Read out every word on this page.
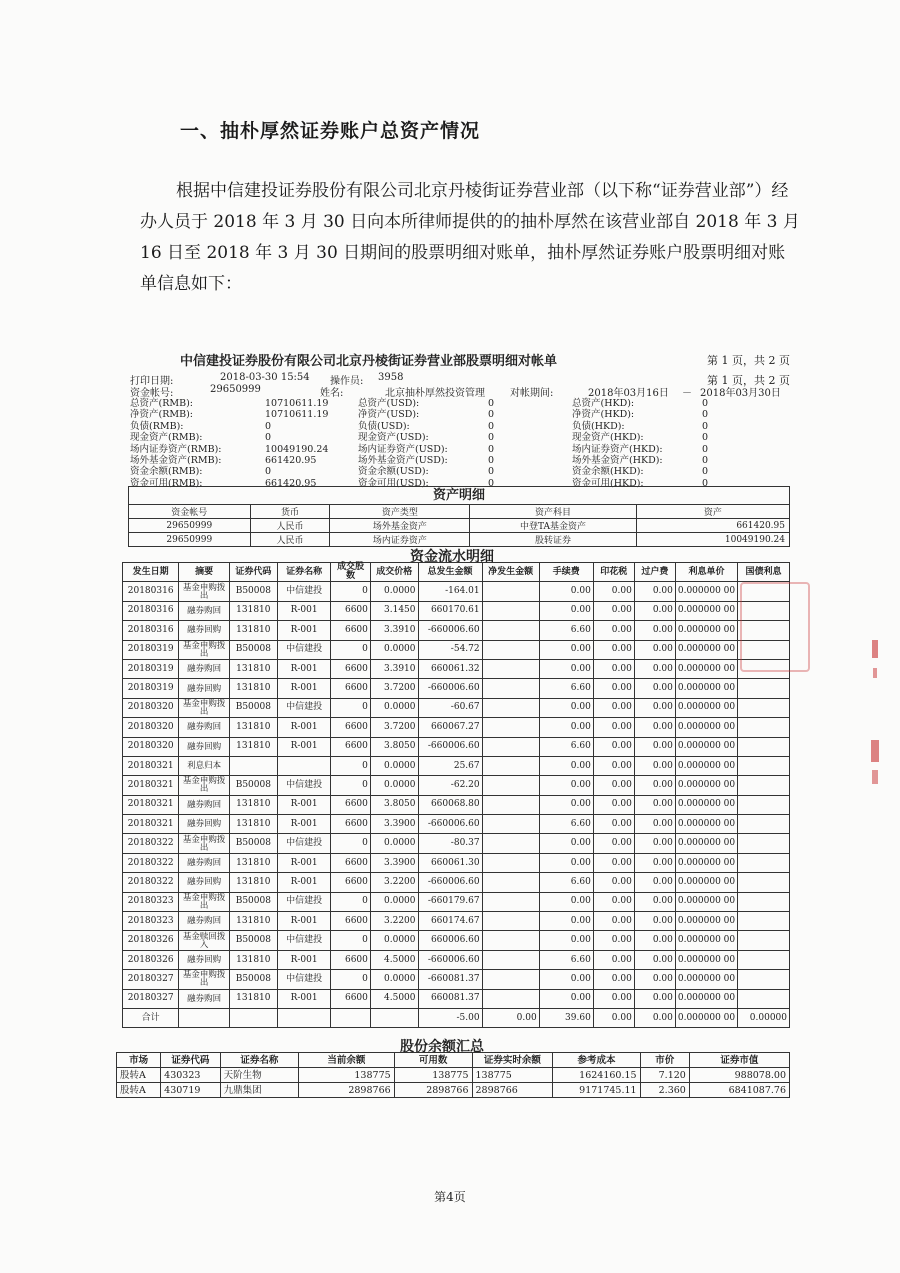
一、抽朴厚然证券账户总资产情况

根据中信建投证券股份有限公司北京丹棱街证券营业部（以下称“证券营业部”）经办人员于 2018 年 3 月 30 日向本所律师提供的的抽朴厚然在该营业部自 2018 年 3 月 16 日至 2018 年 3 月 30 日期间的股票明细对账单，抽朴厚然证券账户股票明细对账单信息如下：

中信建投证券股份有限公司北京丹棱街证券营业部股票明细对帐单	第 1 页，共 2 页
打印日期:	2018-03-30 15:54 操作员: 3958	第 1 页，共 2 页
资金帐号:	29650999	姓名:	北京抽朴厚然投资管理	对帐期间:	2018年03月16日 － 2018年03月30日
总资产(RMB):	10710611.19
净资产(RMB):	10710611.19
负债(RMB):	0
现金资产(RMB):	0
场内证券资产(RMB):	10049190.24
场外基金资产(RMB):	661420.95
资金余额(RMB):	0
资金可用(RMB):	661420.95
总资产(USD):	0
净资产(USD):	0
负债(USD):	0
现金资产(USD):	0
场内证券资产(USD):	0
场外基金资产(USD):	0
资金余额(USD):	0
资金可用(USD):	0
总资产(HKD):	0
净资产(HKD):	0
负债(HKD):	0
现金资产(HKD):	0
场内证券资产(HKD):	0
场外基金资产(HKD):	0
资金余额(HKD):	0
资金可用(HKD):	0
资产明细
资金帐号	货币	资产类型	资产科目	资产
29650999	人民币	场外基金资产	中登TA基金资产	661420.95
29650999	人民币	场内证券资产	股转证券	10049190.24
资金流水明细
发生日期	摘要	证券代码	证券名称	成交股数	成交价格	总发生金额	净发生金额	手续费	印花税	过户费	利息单价	国债利息
20180316	基金申购拨出	B50008	中信建投	0	0.0000	-164.01		0.00	0.00	0.00	0.000000 00	
20180316	融券购回	131810	R-001	6600	3.1450	660170.61		0.00	0.00	0.00	0.000000 00	
20180316	融券回购	131810	R-001	6600	3.3910	-660006.60		6.60	0.00	0.00	0.000000 00	
20180319	基金申购拨出	B50008	中信建投	0	0.0000	-54.72		0.00	0.00	0.00	0.000000 00	
20180319	融券购回	131810	R-001	6600	3.3910	660061.32		0.00	0.00	0.00	0.000000 00	
20180319	融券回购	131810	R-001	6600	3.7200	-660006.60		6.60	0.00	0.00	0.000000 00	
20180320	基金申购拨出	B50008	中信建投	0	0.0000	-60.67		0.00	0.00	0.00	0.000000 00	
20180320	融券购回	131810	R-001	6600	3.7200	660067.27		0.00	0.00	0.00	0.000000 00	
20180320	融券回购	131810	R-001	6600	3.8050	-660006.60		6.60	0.00	0.00	0.000000 00	
20180321	利息归本			0	0.0000	25.67		0.00	0.00	0.00	0.000000 00	
20180321	基金申购拨出	B50008	中信建投	0	0.0000	-62.20		0.00	0.00	0.00	0.000000 00	
20180321	融券购回	131810	R-001	6600	3.8050	660068.80		0.00	0.00	0.00	0.000000 00	
20180321	融券回购	131810	R-001	6600	3.3900	-660006.60		6.60	0.00	0.00	0.000000 00	
20180322	基金申购拨出	B50008	中信建投	0	0.0000	-80.37		0.00	0.00	0.00	0.000000 00	
20180322	融券购回	131810	R-001	6600	3.3900	660061.30		0.00	0.00	0.00	0.000000 00	
20180322	融券回购	131810	R-001	6600	3.2200	-660006.60		6.60	0.00	0.00	0.000000 00	
20180323	基金申购拨出	B50008	中信建投	0	0.0000	-660179.67		0.00	0.00	0.00	0.000000 00	
20180323	融券购回	131810	R-001	6600	3.2200	660174.67		0.00	0.00	0.00	0.000000 00	
20180326	基金赎回拨入	B50008	中信建投	0	0.0000	660006.60		0.00	0.00	0.00	0.000000 00	
20180326	融券回购	131810	R-001	6600	4.5000	-660006.60		6.60	0.00	0.00	0.000000 00	
20180327	基金申购拨出	B50008	中信建投	0	0.0000	-660081.37		0.00	0.00	0.00	0.000000 00	
20180327	融券购回	131810	R-001	6600	4.5000	660081.37		0.00	0.00	0.00	0.000000 00	
合计						-5.00	0.00	39.60	0.00	0.00	0.000000 00	0.00000
股份余额汇总
市场	证券代码	证券名称	当前余额	可用数	证券实时余额	参考成本	市价	证券市值
股转A	430323	天阶生物	138775	138775	138775	1624160.15	7.120	988078.00
股转A	430719	九鼎集团	2898766	2898766	2898766	9171745.11	2.360	6841087.76
第4页
